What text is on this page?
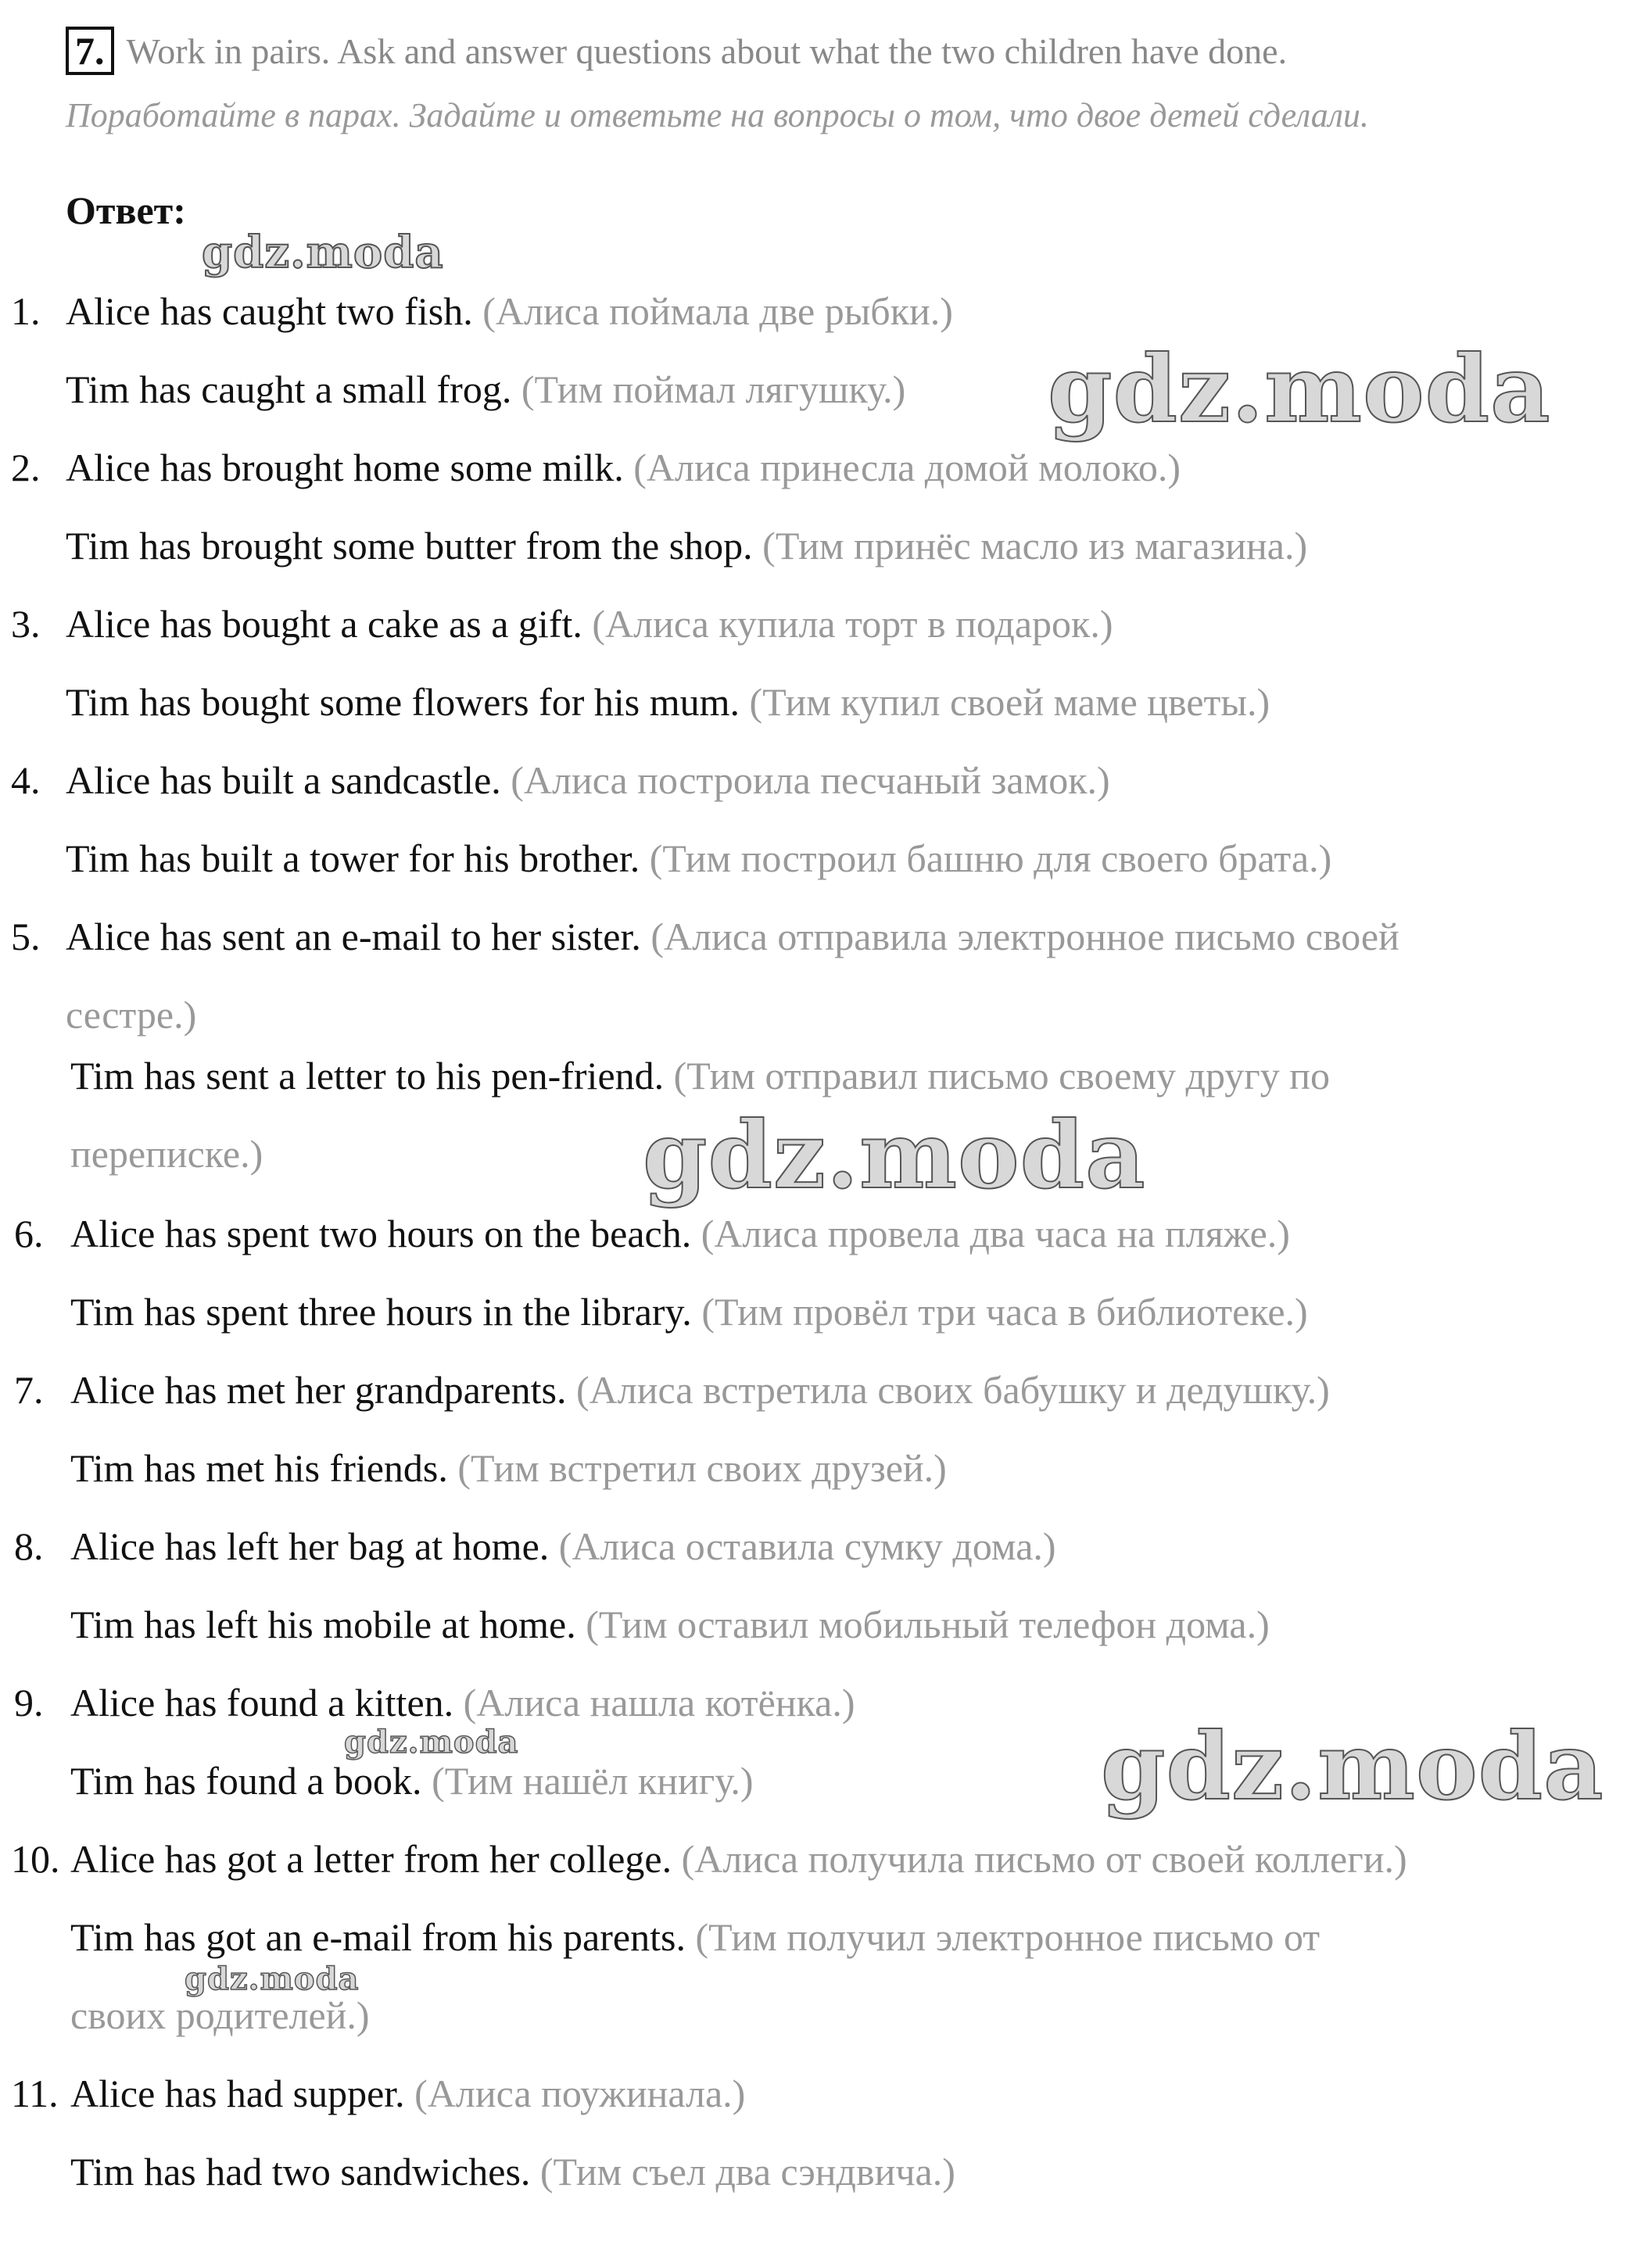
7. Work in pairs. Ask and answer questions about what the two children have done.
Поработайте в парах. Задайте и ответьте на вопросы о том, что двое детей сделали.
Ответ:
1. Alice has caught two fish. (Алиса поймала две рыбки.)
Tim has caught a small frog. (Тим поймал лягушку.)
2. Alice has brought home some milk. (Алиса принесла домой молоко.)
Tim has brought some butter from the shop. (Тим принёс масло из магазина.)
3. Alice has bought a cake as a gift. (Алиса купила торт в подарок.)
Tim has bought some flowers for his mum. (Тим купил своей маме цветы.)
4. Alice has built a sandcastle. (Алиса построила песчаный замок.)
Tim has built a tower for his brother. (Тим построил башню для своего брата.)
5. Alice has sent an e-mail to her sister. (Алиса отправила электронное письмо своей
сестре.)
Tim has sent a letter to his pen-friend. (Тим отправил письмо своему другу по
переписке.)
6. Alice has spent two hours on the beach. (Алиса провела два часа на пляже.)
Tim has spent three hours in the library. (Тим провёл три часа в библиотеке.)
7. Alice has met her grandparents. (Алиса встретила своих бабушку и дедушку.)
Tim has met his friends. (Тим встретил своих друзей.)
8. Alice has left her bag at home. (Алиса оставила сумку дома.)
Tim has left his mobile at home. (Тим оставил мобильный телефон дома.)
9. Alice has found a kitten. (Алиса нашла котёнка.)
Tim has found a book. (Тим нашёл книгу.)
10. Alice has got a letter from her college. (Алиса получила письмо от своей коллеги.)
Tim has got an e-mail from his parents. (Тим получил электронное письмо от
своих родителей.)
11. Alice has had supper. (Алиса поужинала.)
Tim has had two sandwiches. (Тим съел два сэндвича.)
gdz.moda
gdz.moda
gdz.moda
gdz.moda	gdz.moda
gdz.moda
